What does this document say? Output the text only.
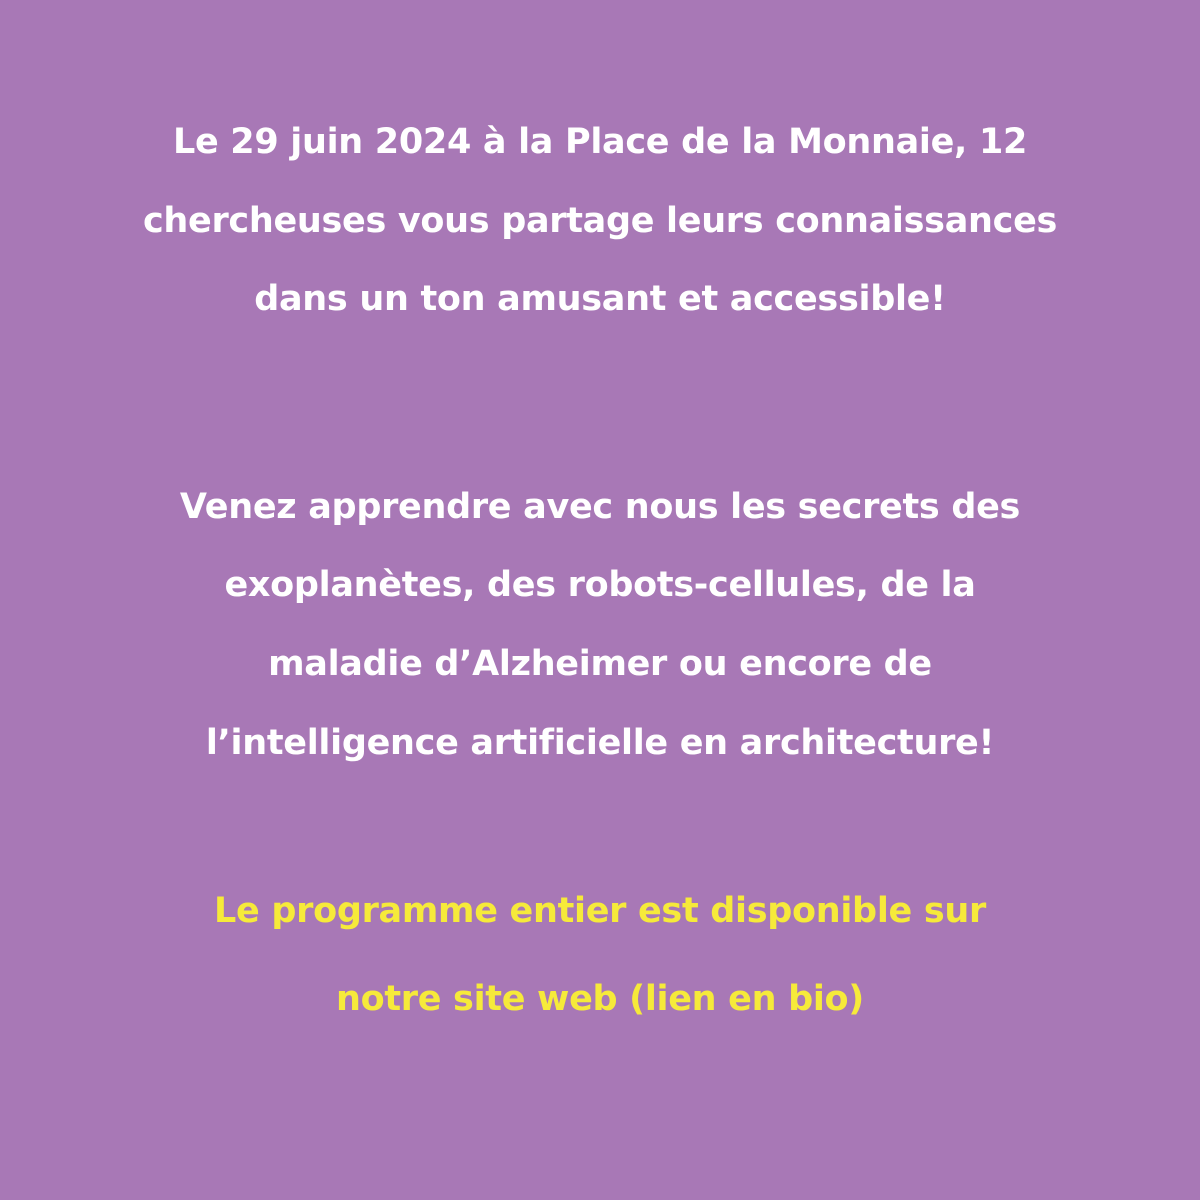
Le 29 juin 2024 à la Place de la Monnaie, 12
chercheuses vous partage leurs connaissances
dans un ton amusant et accessible!
Venez apprendre avec nous les secrets des
exoplanètes, des robots-cellules, de la
maladie d’Alzheimer ou encore de
l’intelligence artificielle en architecture!
Le programme entier est disponible sur
notre site web (lien en bio)
